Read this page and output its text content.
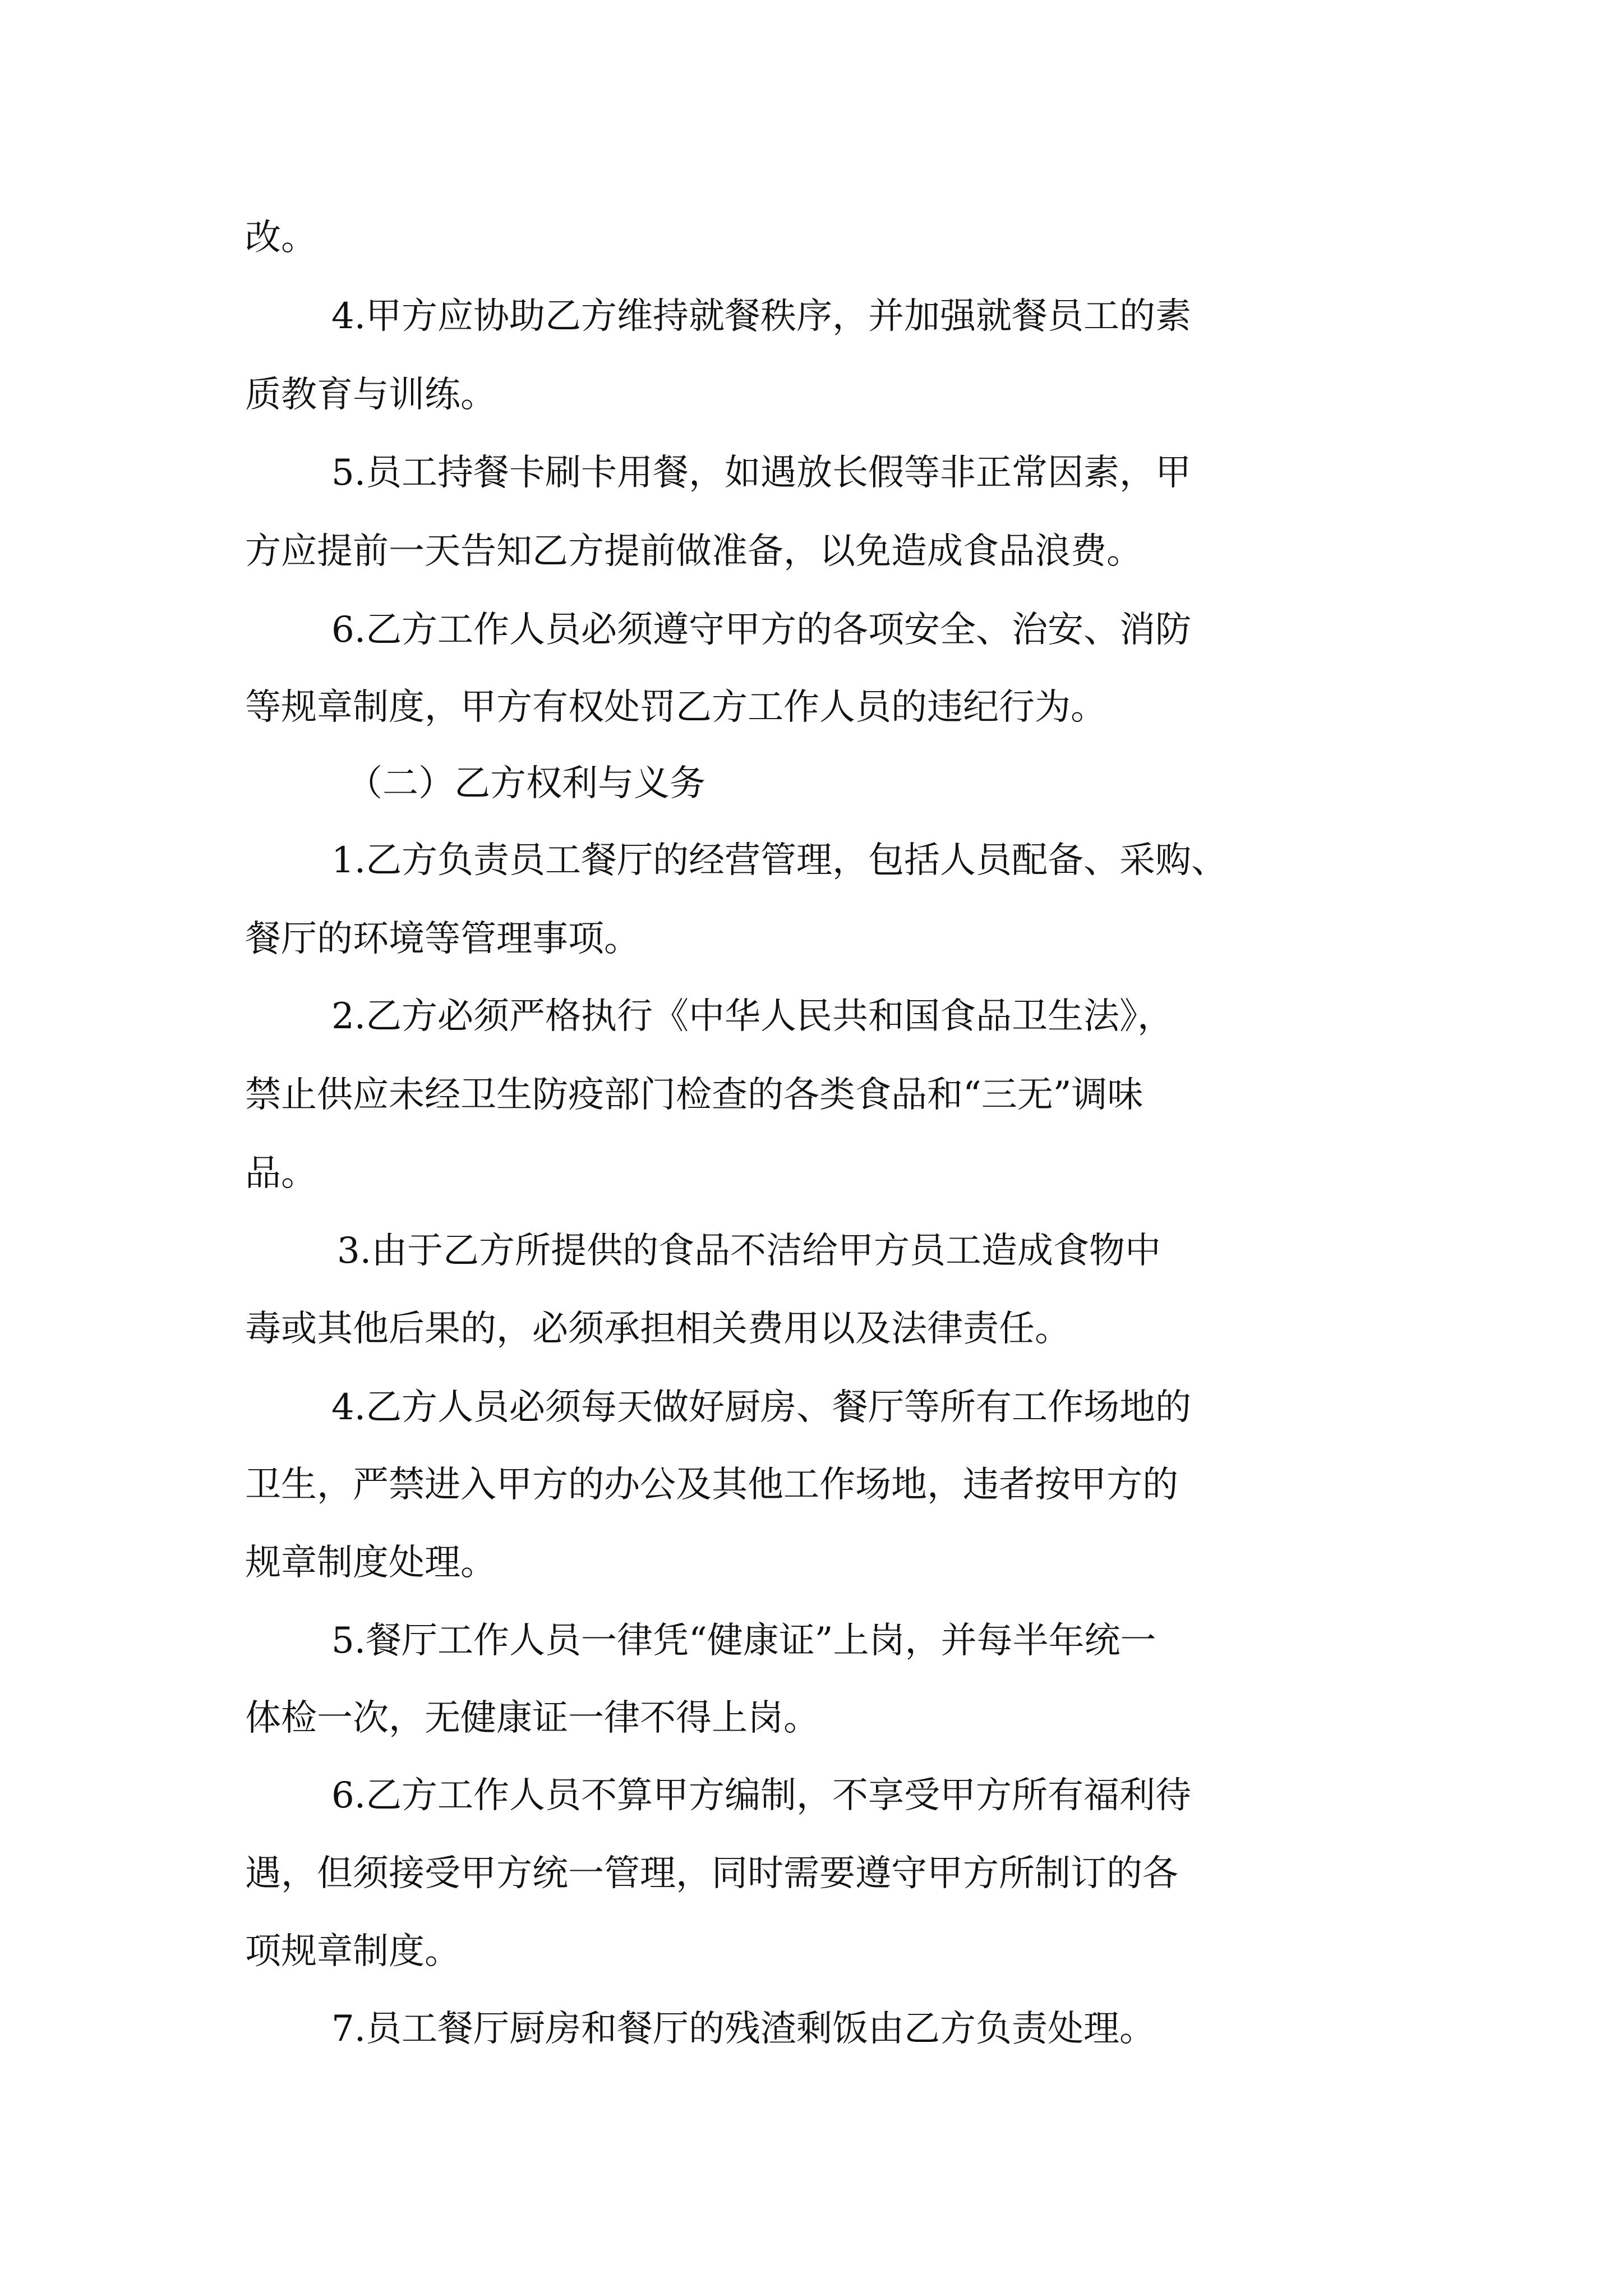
改。
4.甲方应协助乙方维持就餐秩序，并加强就餐员工的素
质教育与训练。
5.员工持餐卡刷卡用餐，如遇放长假等非正常因素，甲
方应提前一天告知乙方提前做准备，以免造成食品浪费。
6.乙方工作人员必须遵守甲方的各项安全、治安、消防
等规章制度，甲方有权处罚乙方工作人员的违纪行为。
（二）乙方权利与义务
1.乙方负责员工餐厅的经营管理，包括人员配备、采购、
餐厅的环境等管理事项。
2.乙方必须严格执行《中华人民共和国食品卫生法》，
禁止供应未经卫生防疫部门检查的各类食品和“三无”调味
品。
3.由于乙方所提供的食品不洁给甲方员工造成食物中
毒或其他后果的，必须承担相关费用以及法律责任。
4.乙方人员必须每天做好厨房、餐厅等所有工作场地的
卫生，严禁进入甲方的办公及其他工作场地，违者按甲方的
规章制度处理。
5.餐厅工作人员一律凭“健康证”上岗，并每半年统一
体检一次，无健康证一律不得上岗。
6.乙方工作人员不算甲方编制，不享受甲方所有福利待
遇，但须接受甲方统一管理，同时需要遵守甲方所制订的各
项规章制度。
7.员工餐厅厨房和餐厅的残渣剩饭由乙方负责处理。
